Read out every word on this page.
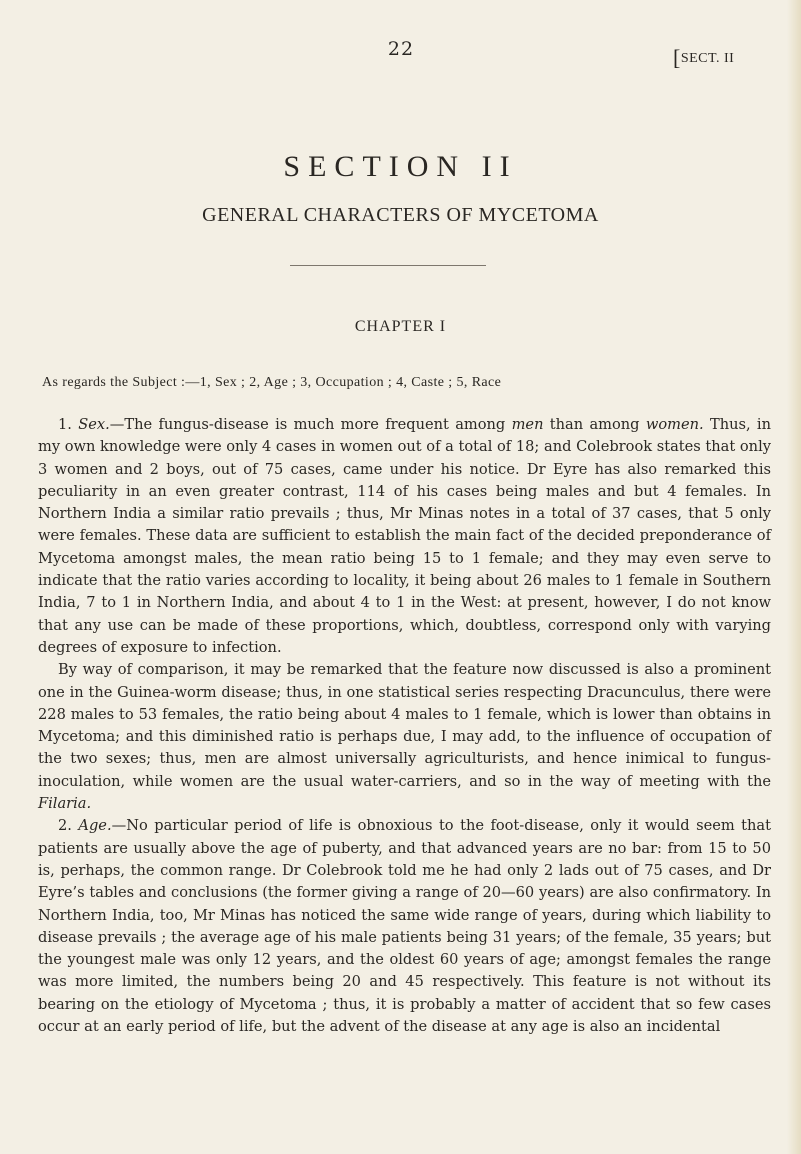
22	[SECT. II
SECTION II
GENERAL CHARACTERS OF MYCETOMA
CHAPTER I
As regards the Subject :—1, Sex ; 2, Age ; 3, Occupation ; 4, Caste ; 5, Race

1. Sex.—The fungus-disease is much more frequent among men than among women. Thus, in my own knowledge were only 4 cases in women out of a total of 18; and Colebrook states that only 3 women and 2 boys, out of 75 cases, came under his notice. Dr Eyre has also remarked this peculiarity in an even greater contrast, 114 of his cases being males and but 4 females. In Northern India a similar ratio prevails ; thus, Mr Minas notes in a total of 37 cases, that 5 only were females. These data are sufficient to establish the main fact of the decided preponderance of Mycetoma amongst males, the mean ratio being 15 to 1 female; and they may even serve to indicate that the ratio varies according to locality, it being about 26 males to 1 female in Southern India, 7 to 1 in Northern India, and about 4 to 1 in the West: at present, however, I do not know that any use can be made of these proportions, which, doubtless, correspond only with varying degrees of exposure to infection.

By way of comparison, it may be remarked that the feature now discussed is also a prominent one in the Guinea-worm disease; thus, in one statistical series respecting Dracunculus, there were 228 males to 53 females, the ratio being about 4 males to 1 female, which is lower than obtains in Mycetoma; and this diminished ratio is perhaps due, I may add, to the influence of occupation of the two sexes; thus, men are almost universally agriculturists, and hence inimical to fungus-inoculation, while women are the usual water-carriers, and so in the way of meeting with the Filaria.

2. Age.—No particular period of life is obnoxious to the foot-disease, only it would seem that patients are usually above the age of puberty, and that advanced years are no bar: from 15 to 50 is, perhaps, the common range. Dr Colebrook told me he had only 2 lads out of 75 cases, and Dr Eyre’s tables and conclusions (the former giving a range of 20—60 years) are also confirmatory. In Northern India, too, Mr Minas has noticed the same wide range of years, during which liability to disease prevails ; the average age of his male patients being 31 years; of the female, 35 years; but the youngest male was only 12 years, and the oldest 60 years of age; amongst females the range was more limited, the numbers being 20 and 45 respectively. This feature is not without its bearing on the etiology of Mycetoma ; thus, it is probably a matter of accident that so few cases occur at an early period of life, but the advent of the disease at any age is also an incidental
